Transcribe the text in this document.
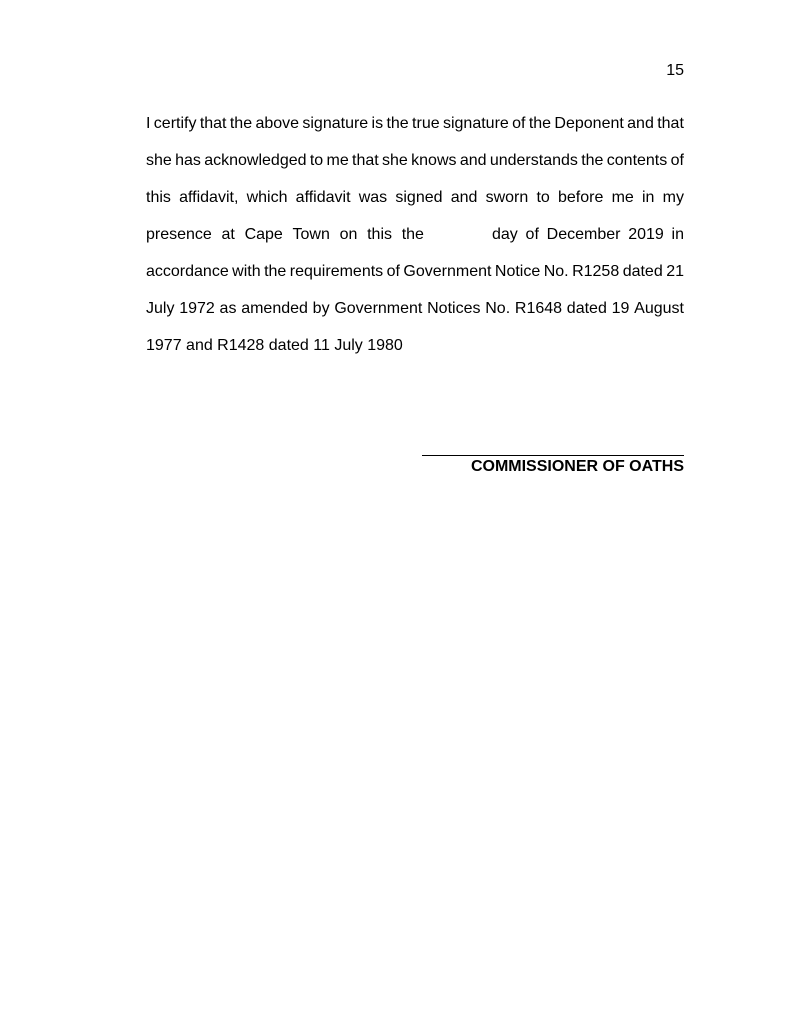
15
I certify that the above signature is the true signature of the Deponent and that
she has acknowledged to me that she knows and understands the contents of
this affidavit, which affidavit was signed and sworn to before me in my
presence at Cape Town on this the	day of December 2019 in
accordance with the requirements of Government Notice No. R1258 dated 21
July 1972 as amended by Government Notices No. R1648 dated 19 August
1977 and R1428 dated 11 July 1980
COMMISSIONER OF OATHS
